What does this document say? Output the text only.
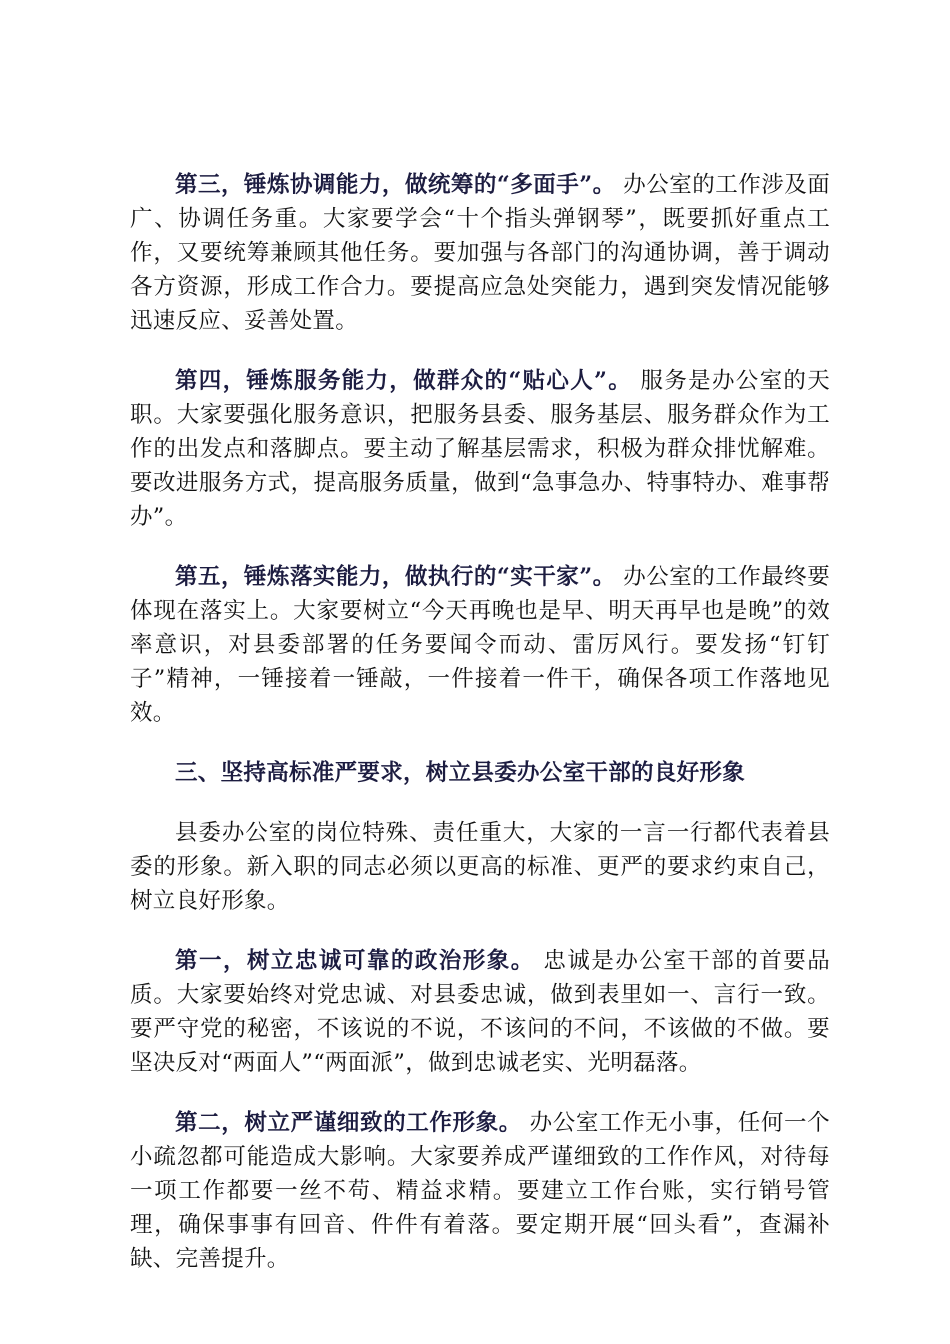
第三，锤炼协调能力，做统筹的“多面手”。 办公室的工作涉及面广、协调任务重。大家要学会“十个指头弹钢琴”，既要抓好重点工作，又要统筹兼顾其他任务。要加强与各部门的沟通协调，善于调动各方资源，形成工作合力。要提高应急处突能力，遇到突发情况能够迅速反应、妥善处置。

第四，锤炼服务能力，做群众的“贴心人”。 服务是办公室的天职。大家要强化服务意识，把服务县委、服务基层、服务群众作为工作的出发点和落脚点。要主动了解基层需求，积极为群众排忧解难。要改进服务方式，提高服务质量，做到“急事急办、特事特办、难事帮办”。

第五，锤炼落实能力，做执行的“实干家”。 办公室的工作最终要体现在落实上。大家要树立“今天再晚也是早、明天再早也是晚”的效率意识，对县委部署的任务要闻令而动、雷厉风行。要发扬“钉钉子”精神，一锤接着一锤敲，一件接着一件干，确保各项工作落地见效。

三、坚持高标准严要求，树立县委办公室干部的良好形象

县委办公室的岗位特殊、责任重大，大家的一言一行都代表着县委的形象。新入职的同志必须以更高的标准、更严的要求约束自己，树立良好形象。

第一，树立忠诚可靠的政治形象。 忠诚是办公室干部的首要品质。大家要始终对党忠诚、对县委忠诚，做到表里如一、言行一致。要严守党的秘密，不该说的不说，不该问的不问，不该做的不做。要坚决反对“两面人”“两面派”，做到忠诚老实、光明磊落。

第二，树立严谨细致的工作形象。 办公室工作无小事，任何一个小疏忽都可能造成大影响。大家要养成严谨细致的工作作风，对待每一项工作都要一丝不苟、精益求精。要建立工作台账，实行销号管理，确保事事有回音、件件有着落。要定期开展“回头看”，查漏补缺、完善提升。
